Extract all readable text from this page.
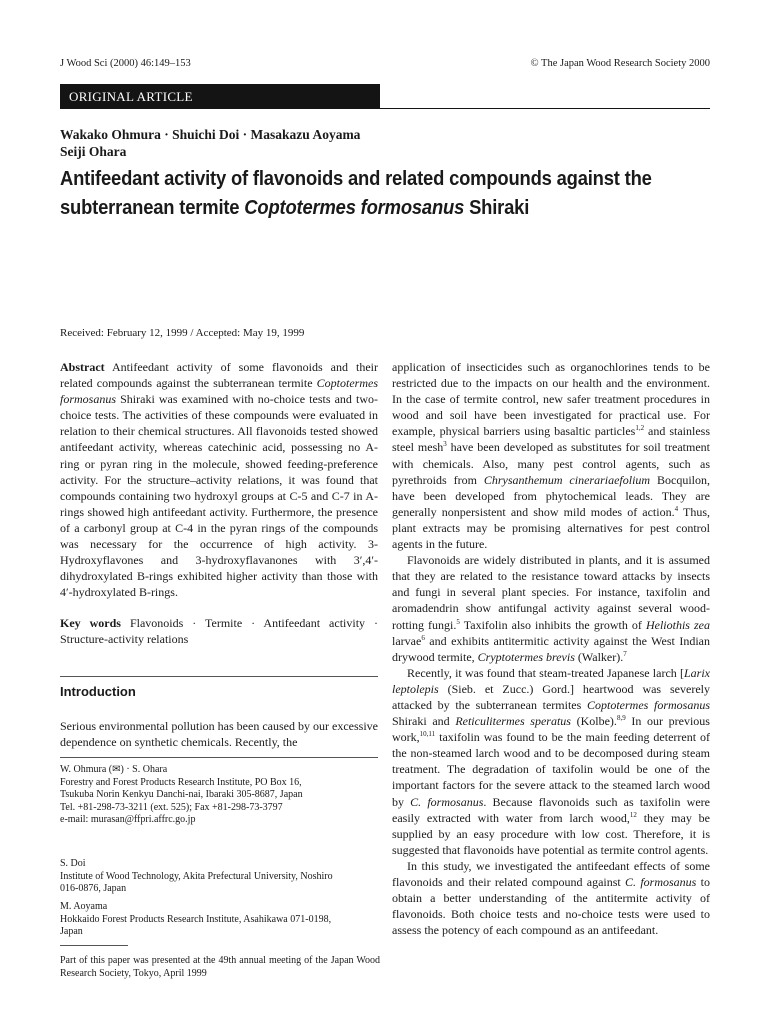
J Wood Sci (2000) 46:149–153	© The Japan Wood Research Society 2000
ORIGINAL ARTICLE
Wakako Ohmura · Shuichi Doi · Masakazu Aoyama
Seiji Ohara
Antifeedant activity of flavonoids and related compounds against the
subterranean termite Coptotermes formosanus Shiraki
Received: February 12, 1999 / Accepted: May 19, 1999

Abstract Antifeedant activity of some flavonoids and their related compounds against the subterranean termite Coptotermes formosanus Shiraki was examined with no-choice tests and two-choice tests. The activities of these compounds were evaluated in relation to their chemical structures. All flavonoids tested showed antifeedant activity, whereas catechinic acid, possessing no A-ring or pyran ring in the molecule, showed feeding-preference activity. For the structure–activity relations, it was found that compounds containing two hydroxyl groups at C-5 and C-7 in A-rings showed high antifeedant activity. Furthermore, the presence of a carbonyl group at C-4 in the pyran rings of the compounds was necessary for the occurrence of high activity. 3-Hydroxyflavones and 3-hydroxyflavanones with 3′,4′-dihydroxylated B-rings exhibited higher activity than those with 4′-hydroxylated B-rings.

Key words Flavonoids · Termite · Antifeedant activity · Structure-activity relations

Introduction

Serious environmental pollution has been caused by our excessive dependence on synthetic chemicals. Recently, the

W. Ohmura (✉) · S. Ohara
Forestry and Forest Products Research Institute, PO Box 16,
Tsukuba Norin Kenkyu Danchi-nai, Ibaraki 305-8687, Japan
Tel. +81-298-73-3211 (ext. 525); Fax +81-298-73-3797
e-mail: murasan@ffpri.affrc.go.jp
S. Doi
Institute of Wood Technology, Akita Prefectural University, Noshiro
016-0876, Japan
M. Aoyama
Hokkaido Forest Products Research Institute, Asahikawa 071-0198,
Japan
Part of this paper was presented at the 49th annual meeting of the Japan Wood Research Society, Tokyo, April 1999

application of insecticides such as organochlorines tends to be restricted due to the impacts on our health and the environment. In the case of termite control, new safer treatment procedures in wood and soil have been investigated for practical use. For example, physical barriers using basaltic particles$^{1,2}$ and stainless steel mesh$^3$ have been developed as substitutes for soil treatment with chemicals. Also, many pest control agents, such as pyrethroids from Chrysanthemum cinerariaefolium Bocquilon, have been developed from phytochemical leads. They are generally nonpersistent and show mild modes of action.$^4$ Thus, plant extracts may be promising alternatives for pest control agents in the future.

Flavonoids are widely distributed in plants, and it is assumed that they are related to the resistance toward attacks by insects and fungi in several plant species. For instance, taxifolin and aromadendrin show antifungal activity against several wood-rotting fungi.$^5$ Taxifolin also inhibits the growth of Heliothis zea larvae$^6$ and exhibits antitermitic activity against the West Indian drywood termite, Cryptotermes brevis (Walker).$^7$

Recently, it was found that steam-treated Japanese larch [Larix leptolepis (Sieb. et Zucc.) Gord.] heartwood was severely attacked by the subterranean termites Coptotermes formosanus Shiraki and Reticulitermes speratus (Kolbe).$^{8,9}$ In our previous work,$^{10,11}$ taxifolin was found to be the main feeding deterrent of the non-steamed larch wood and to be decomposed during steam treatment. The degradation of taxifolin would be one of the important factors for the severe attack to the steamed larch wood by C. formosanus. Because flavonoids such as taxifolin were easily extracted with water from larch wood,$^{12}$ they may be supplied by an easy procedure with low cost. Therefore, it is suggested that flavonoids have potential as termite control agents.

In this study, we investigated the antifeedant effects of some flavonoids and their related compound against C. formosanus to obtain a better understanding of the antitermite activity of flavonoids. Both choice tests and no-choice tests were used to assess the potency of each compound as an antifeedant.
